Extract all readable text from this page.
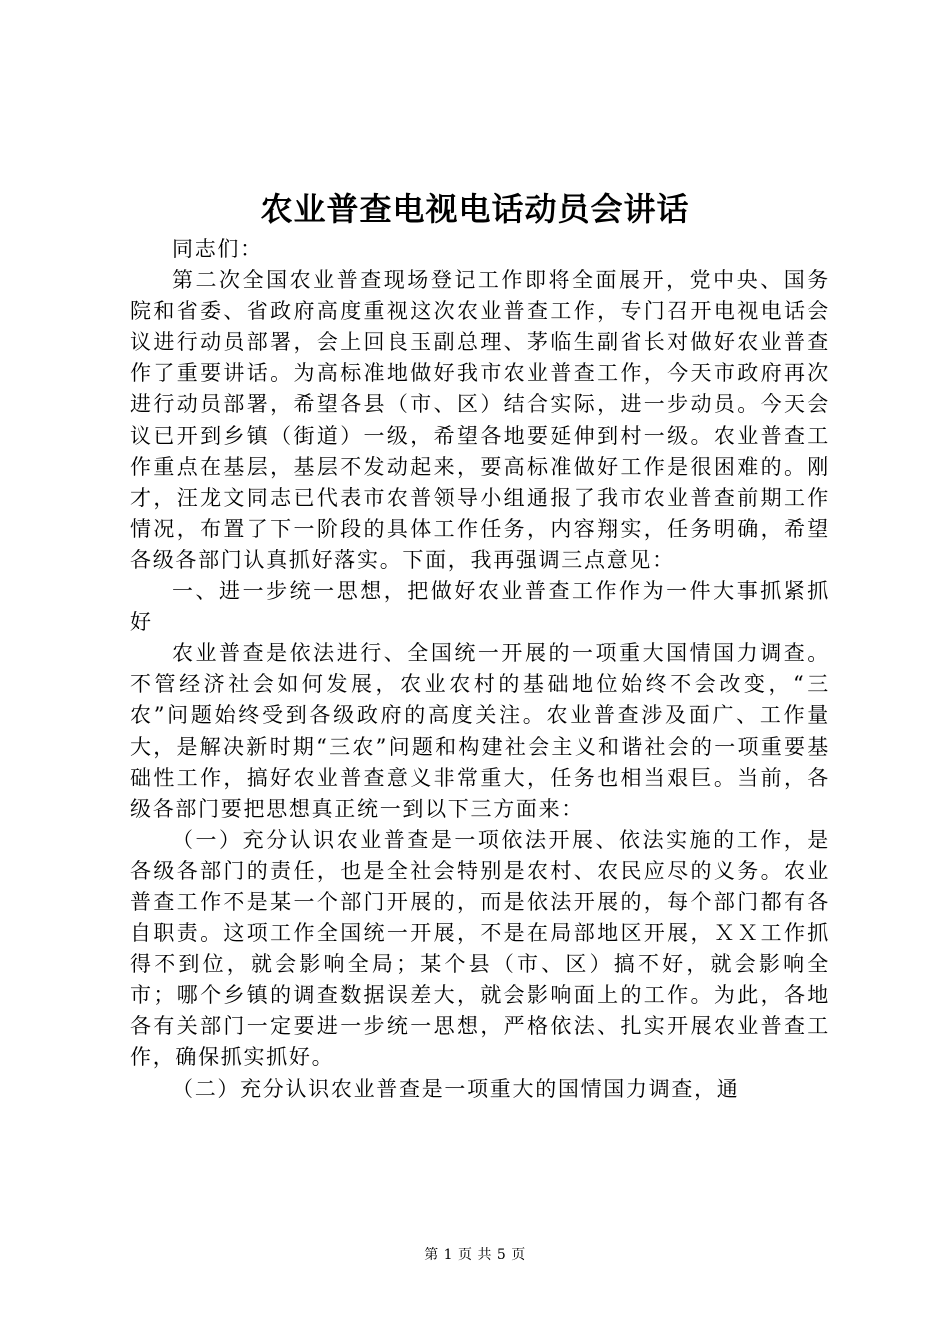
农业普查电视电话动员会讲话

同志们：

第二次全国农业普查现场登记工作即将全面展开，党中央、国务院和省委、省政府高度重视这次农业普查工作，专门召开电视电话会议进行动员部署，会上回良玉副总理、茅临生副省长对做好农业普查作了重要讲话。为高标准地做好我市农业普查工作，今天市政府再次进行动员部署，希望各县（市、区）结合实际，进一步动员。今天会议已开到乡镇（街道）一级，希望各地要延伸到村一级。农业普查工作重点在基层，基层不发动起来，要高标准做好工作是很困难的。刚才，汪龙文同志已代表市农普领导小组通报了我市农业普查前期工作情况，布置了下一阶段的具体工作任务，内容翔实，任务明确，希望各级各部门认真抓好落实。下面，我再强调三点意见：

一、进一步统一思想，把做好农业普查工作作为一件大事抓紧抓好

农业普查是依法进行、全国统一开展的一项重大国情国力调查。不管经济社会如何发展，农业农村的基础地位始终不会改变，“三农”问题始终受到各级政府的高度关注。农业普查涉及面广、工作量大，是解决新时期“三农”问题和构建社会主义和谐社会的一项重要基础性工作，搞好农业普查意义非常重大，任务也相当艰巨。当前，各级各部门要把思想真正统一到以下三方面来：

（一）充分认识农业普查是一项依法开展、依法实施的工作，是各级各部门的责任，也是全社会特别是农村、农民应尽的义务。农业普查工作不是某一个部门开展的，而是依法开展的，每个部门都有各自职责。这项工作全国统一开展，不是在局部地区开展，ＸＸ工作抓得不到位，就会影响全局；某个县（市、区）搞不好，就会影响全市；哪个乡镇的调查数据误差大，就会影响面上的工作。为此，各地各有关部门一定要进一步统一思想，严格依法、扎实开展农业普查工作，确保抓实抓好。

（二）充分认识农业普查是一项重大的国情国力调查，通

第 1 页 共 5 页
